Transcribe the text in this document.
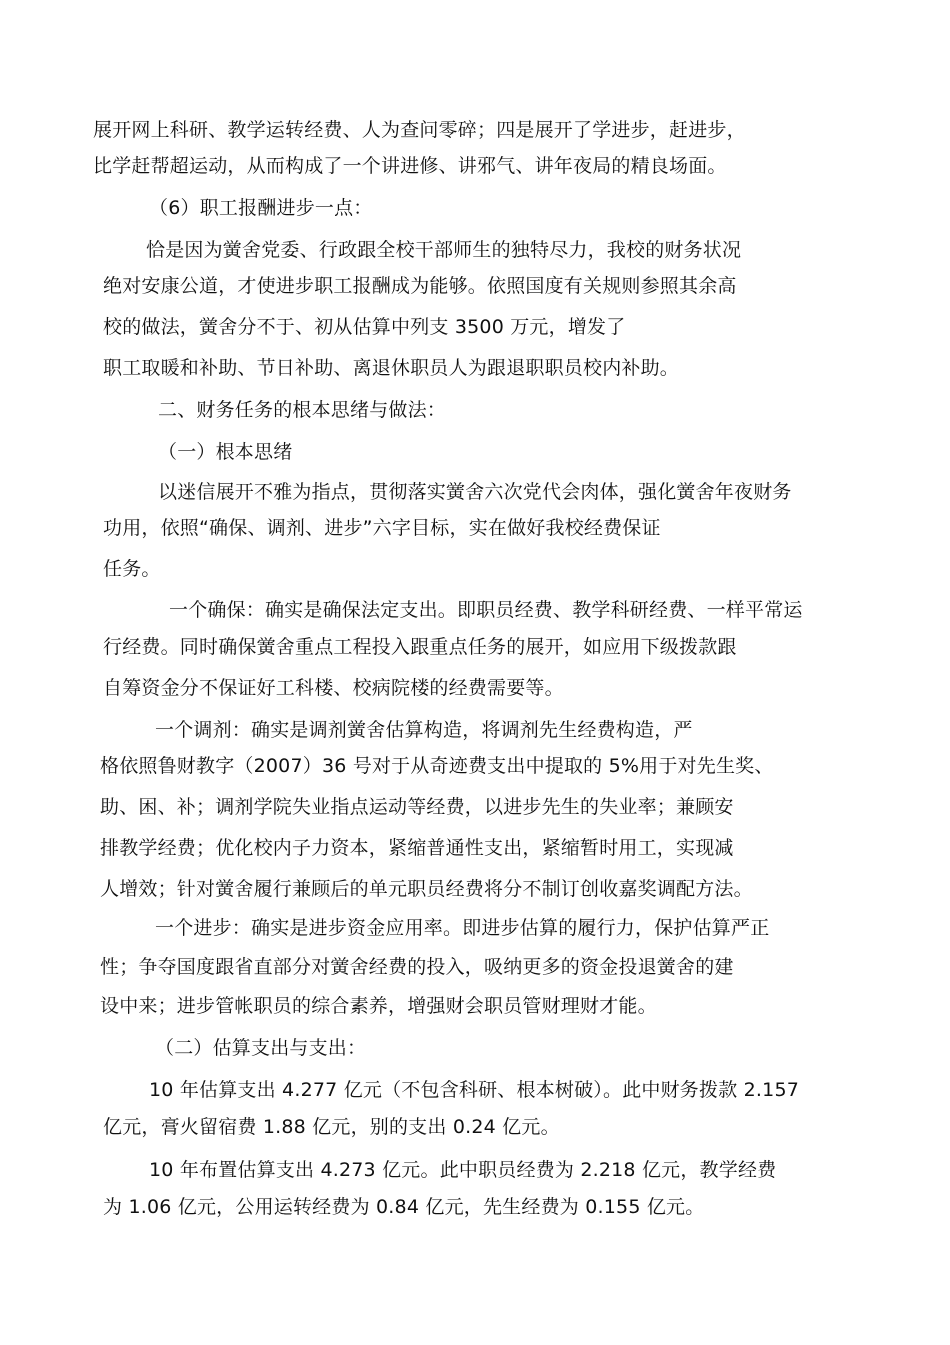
展开网上科研、教学运转经费、人为查问零碎；四是展开了学进步，赶进步，
比学赶帮超运动，从而构成了一个讲进修、讲邪气、讲年夜局的精良场面。
（6）职工报酬进步一点：
恰是因为黉舍党委、行政跟全校干部师生的独特尽力，我校的财务状况
绝对安康公道，才使进步职工报酬成为能够。依照国度有关规则参照其余高
校的做法，黉舍分不于、初从估算中列支 3500 万元，增发了
职工取暖和补助、节日补助、离退休职员人为跟退职职员校内补助。
二、财务任务的根本思绪与做法：
（一）根本思绪
以迷信展开不雅为指点，贯彻落实黉舍六次党代会肉体，强化黉舍年夜财务
功用，依照“确保、调剂、进步”六字目标，实在做好我校经费保证
任务。
一个确保：确实是确保法定支出。即职员经费、教学科研经费、一样平常运
行经费。同时确保黉舍重点工程投入跟重点任务的展开，如应用下级拨款跟
自筹资金分不保证好工科楼、校病院楼的经费需要等。
一个调剂：确实是调剂黉舍估算构造，将调剂先生经费构造，严
格依照鲁财教字（2007）36 号对于从奇迹费支出中提取的 5%用于对先生奖、
助、困、补；调剂学院失业指点运动等经费，以进步先生的失业率；兼顾安
排教学经费；优化校内子力资本，紧缩普通性支出，紧缩暂时用工，实现减
人增效；针对黉舍履行兼顾后的单元职员经费将分不制订创收嘉奖调配方法。
一个进步：确实是进步资金应用率。即进步估算的履行力，保护估算严正
性；争夺国度跟省直部分对黉舍经费的投入，吸纳更多的资金投退黉舍的建
设中来；进步管帐职员的综合素养，增强财会职员管财理财才能。
（二）估算支出与支出：
10 年估算支出 4.277 亿元（不包含科研、根本树破）。此中财务拨款 2.157
亿元，膏火留宿费 1.88 亿元，别的支出 0.24 亿元。
10 年布置估算支出 4.273 亿元。此中职员经费为 2.218 亿元，教学经费
为 1.06 亿元，公用运转经费为 0.84 亿元，先生经费为 0.155 亿元。
